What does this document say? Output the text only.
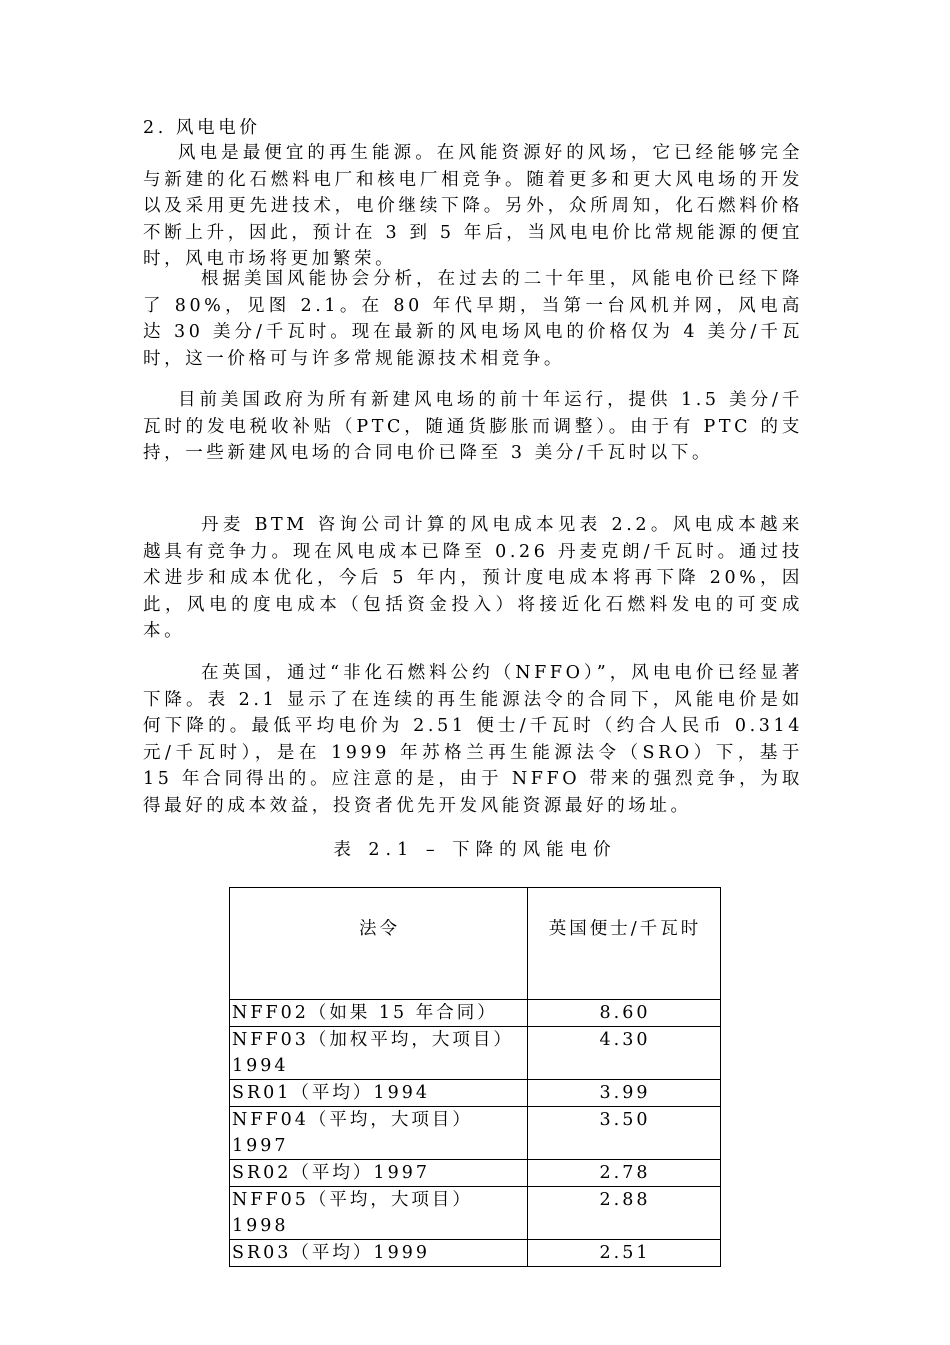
2. 风电电价

风电是最便宜的再生能源。在风能资源好的风场，它已经能够完全与新建的化石燃料电厂和核电厂相竞争。随着更多和更大风电场的开发以及采用更先进技术，电价继续下降。另外，众所周知，化石燃料价格不断上升，因此，预计在 3 到 5 年后，当风电电价比常规能源的便宜时，风电市场将更加繁荣。

根据美国风能协会分析，在过去的二十年里，风能电价已经下降了 80%，见图 2.1。在 80 年代早期，当第一台风机并网，风电高达 30 美分/千瓦时。现在最新的风电场风电的价格仅为 4 美分/千瓦时，这一价格可与许多常规能源技术相竞争。

目前美国政府为所有新建风电场的前十年运行，提供 1.5 美分/千瓦时的发电税收补贴（PTC，随通货膨胀而调整）。由于有 PTC 的支持，一些新建风电场的合同电价已降至 3 美分/千瓦时以下。

丹麦 BTM 咨询公司计算的风电成本见表 2.2。风电成本越来越具有竞争力。现在风电成本已降至 0.26 丹麦克朗/千瓦时。通过技术进步和成本优化，今后 5 年内，预计度电成本将再下降 20%，因此，风电的度电成本（包括资金投入）将接近化石燃料发电的可变成本。

在英国，通过“非化石燃料公约（NFFO）”，风电电价已经显著下降。表 2.1 显示了在连续的再生能源法令的合同下，风能电价是如何下降的。最低平均电价为 2.51 便士/千瓦时（约合人民币 0.314 元/千瓦时），是在 1999 年苏格兰再生能源法令（SRO）下，基于 15 年合同得出的。应注意的是，由于 NFFO 带来的强烈竞争，为取得最好的成本效益，投资者优先开发风能资源最好的场址。

表 2.1 – 下降的风能电价

法令	英国便士/千瓦时
NFF02（如果 15 年合同）	8.60
NFF03（加权平均，大项目）1994	4.30
SR01（平均）1994	3.99
NFF04（平均，大项目）1997	3.50
SR02（平均）1997	2.78
NFF05（平均，大项目）1998	2.88
SR03（平均）1999	2.51
